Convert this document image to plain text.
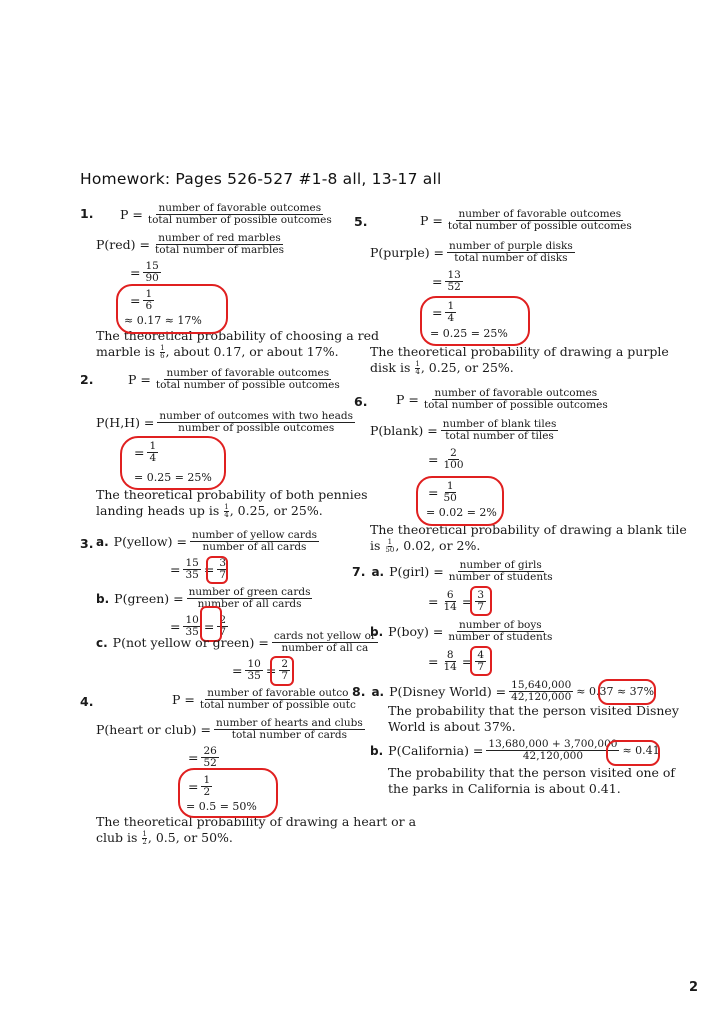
Homework: Pages 526-527 #1-8 all, 13-17 all
1. $P = \frac{\text{number of favorable outcomes}}{\text{total number of possible outcomes}}$
$P(red) = \frac{\text{number of red marbles}}{\text{total number of marbles}}$
= $\frac{15}{90}$
= $\frac{1}{6}$
≈ 0.17 ≈ 17%
The theoretical probability of choosing a red
marble is $\frac{1}{6}$ , about 0.17, or about 17%.
2.	$P = \frac{\text{number of favorable outcomes}}{\text{total number of possible outcomes}}$
$P(H,H) = \frac{\text{number of outcomes with two heads}}{\text{number of possible outcomes}}$
= $\frac{1}{4}$
= 0.25 = 25%
The theoretical probability of both pennies
landing heads up is $\frac{1}{4}$ , 0.25, or 25%.
3. a. P(yellow) = $\frac{\text{number of yellow cards}}{\text{number of all cards}}$
= $\frac{15}{35} = \frac{3}{7}$
b. P(green) = $\frac{\text{number of green cards}}{\text{number of all cards}}$
= $\frac{10}{35} = \frac{2}{7}$
c. P(not yellow or green) = $\frac{\text{cards not yellow or}}{\text{number of all ca}}$
= $\frac{10}{35} = \frac{2}{7}$
4.	$P = \frac{\text{number of favorable outco}}{\text{total number of possible outc}}$
P(heart or club) = $\frac{\text{number of hearts and clubs}}{\text{total number of cards}}$
= $\frac{26}{52}$
= $\frac{1}{2}$
= 0.5 = 50%
The theoretical probability of drawing a heart or a
club is $\frac{1}{2}$ , 0.5, or 50%.
5.	$P = \frac{\text{number of favorable outcomes}}{\text{total number of possible outcomes}}$
P(purple) = $\frac{\text{number of purple disks}}{\text{total number of disks}}$
= $\frac{13}{52}$
= $\frac{1}{4}$
= 0.25 = 25%
The theoretical probability of drawing a purple
disk is $\frac{1}{4}$ , 0.25, or 25%.
6. $P = \frac{\text{number of favorable outcomes}}{\text{total number of possible outcomes}}$
P(blank) = $\frac{\text{number of blank tiles}}{\text{total number of tiles}}$
= $\frac{2}{100}$
= $\frac{1}{50}$
= 0.02 = 2%
The theoretical probability of drawing a blank tile
is $\frac{1}{50}$ , 0.02, or 2%.
7. a. P(girl) = $\frac{\text{number of girls}}{\text{number of students}}$
= $\frac{6}{14} = \frac{3}{7}$
b. $P(boy) = \frac{\text{number of boys}}{\text{number of students}}$
= $\frac{8}{14} = \frac{4}{7}$
8. a. P(Disney World) = $\frac{15,640,000}{42,120,000} \approx 0.37 \approx 37\%$
The probability that the person visited Disney
World is about 37%.
b. P(California) = $\frac{13,680,000 + 3,700,000}{42,120,000} \approx 0.41$
The probability that the person visited one of
the parks in California is about 0.41.
2
